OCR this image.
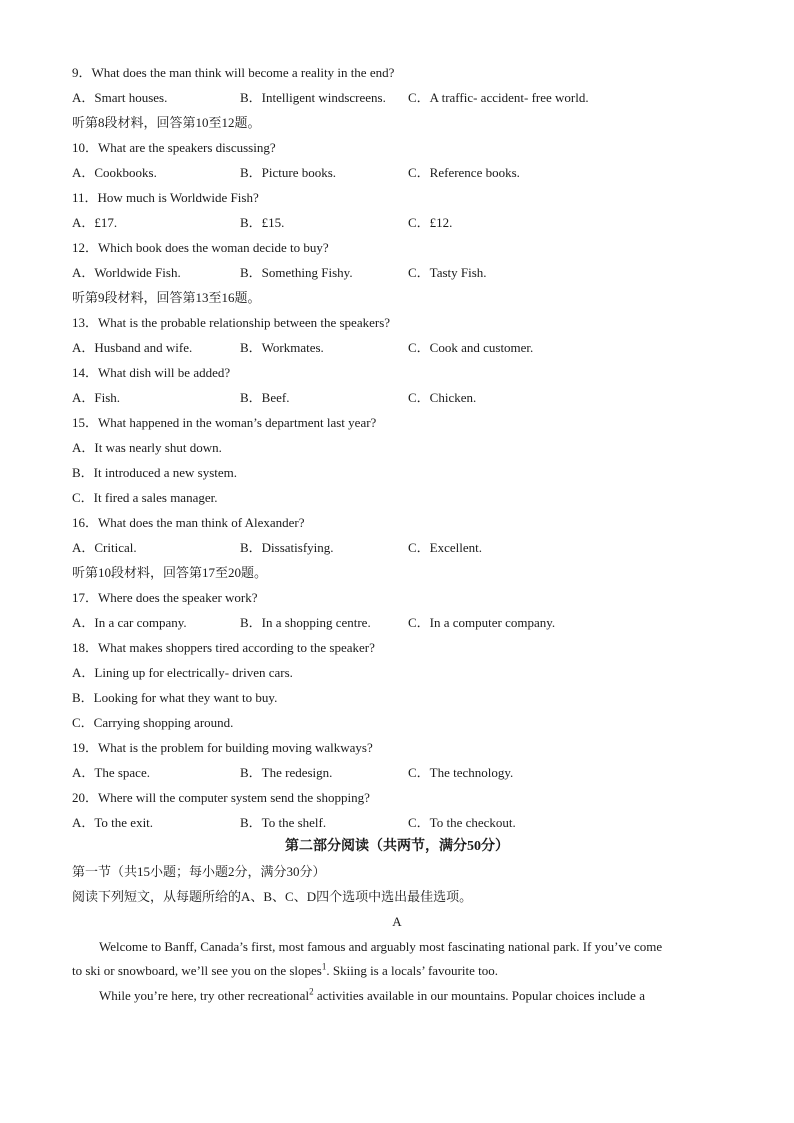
9．What does the man think will become a reality in the end?
A．Smart houses.	B．Intelligent windscreens. C．A traffic- accident- free world.
听第8段材料，回答第10至12题。
10．What are the speakers discussing?
A．Cookbooks.	B．Picture books.	C．Reference books.
11．How much is Worldwide Fish?
A．£17.	B．£15.	C．£12.
12．Which book does the woman decide to buy?
A．Worldwide Fish.	B．Something Fishy.	C．Tasty Fish.
听第9段材料，回答第13至16题。
13．What is the probable relationship between the speakers?
A．Husband and wife.	B．Workmates.	C．Cook and customer.
14．What dish will be added?
A．Fish.	B．Beef.	C．Chicken.
15．What happened in the woman’s department last year?
A．It was nearly shut down.
B．It introduced a new system.
C．It fired a sales manager.
16．What does the man think of Alexander?
A．Critical.	B．Dissatisfying.	C．Excellent.
听第10段材料，回答第17至20题。
17．Where does the speaker work?
A．In a car company.	B．In a shopping centre.	C．In a computer company.
18．What makes shoppers tired according to the speaker?
A．Lining up for electrically- driven cars.
B．Looking for what they want to buy.
C．Carrying shopping around.
19．What is the problem for building moving walkways?
A．The space.	B．The redesign.	C．The technology.
20．Where will the computer system send the shopping?
A．To the exit.	B．To the shelf.	C．To the checkout.
第二部分阅读（共两节，满分50分）
第一节（共15小题；每小题2分，满分30分）
阅读下列短文，从每题所给的A、B、C、D四个选项中选出最佳选项。
A
Welcome to Banff, Canada’s first, most famous and arguably most fascinating national park. If you’ve come
to ski or snowboard, we’ll see you on the slopes$^1$. Skiing is a locals’ favourite too.
While you’re here, try other recreational$^2$ activities available in our mountains. Popular choices include a
